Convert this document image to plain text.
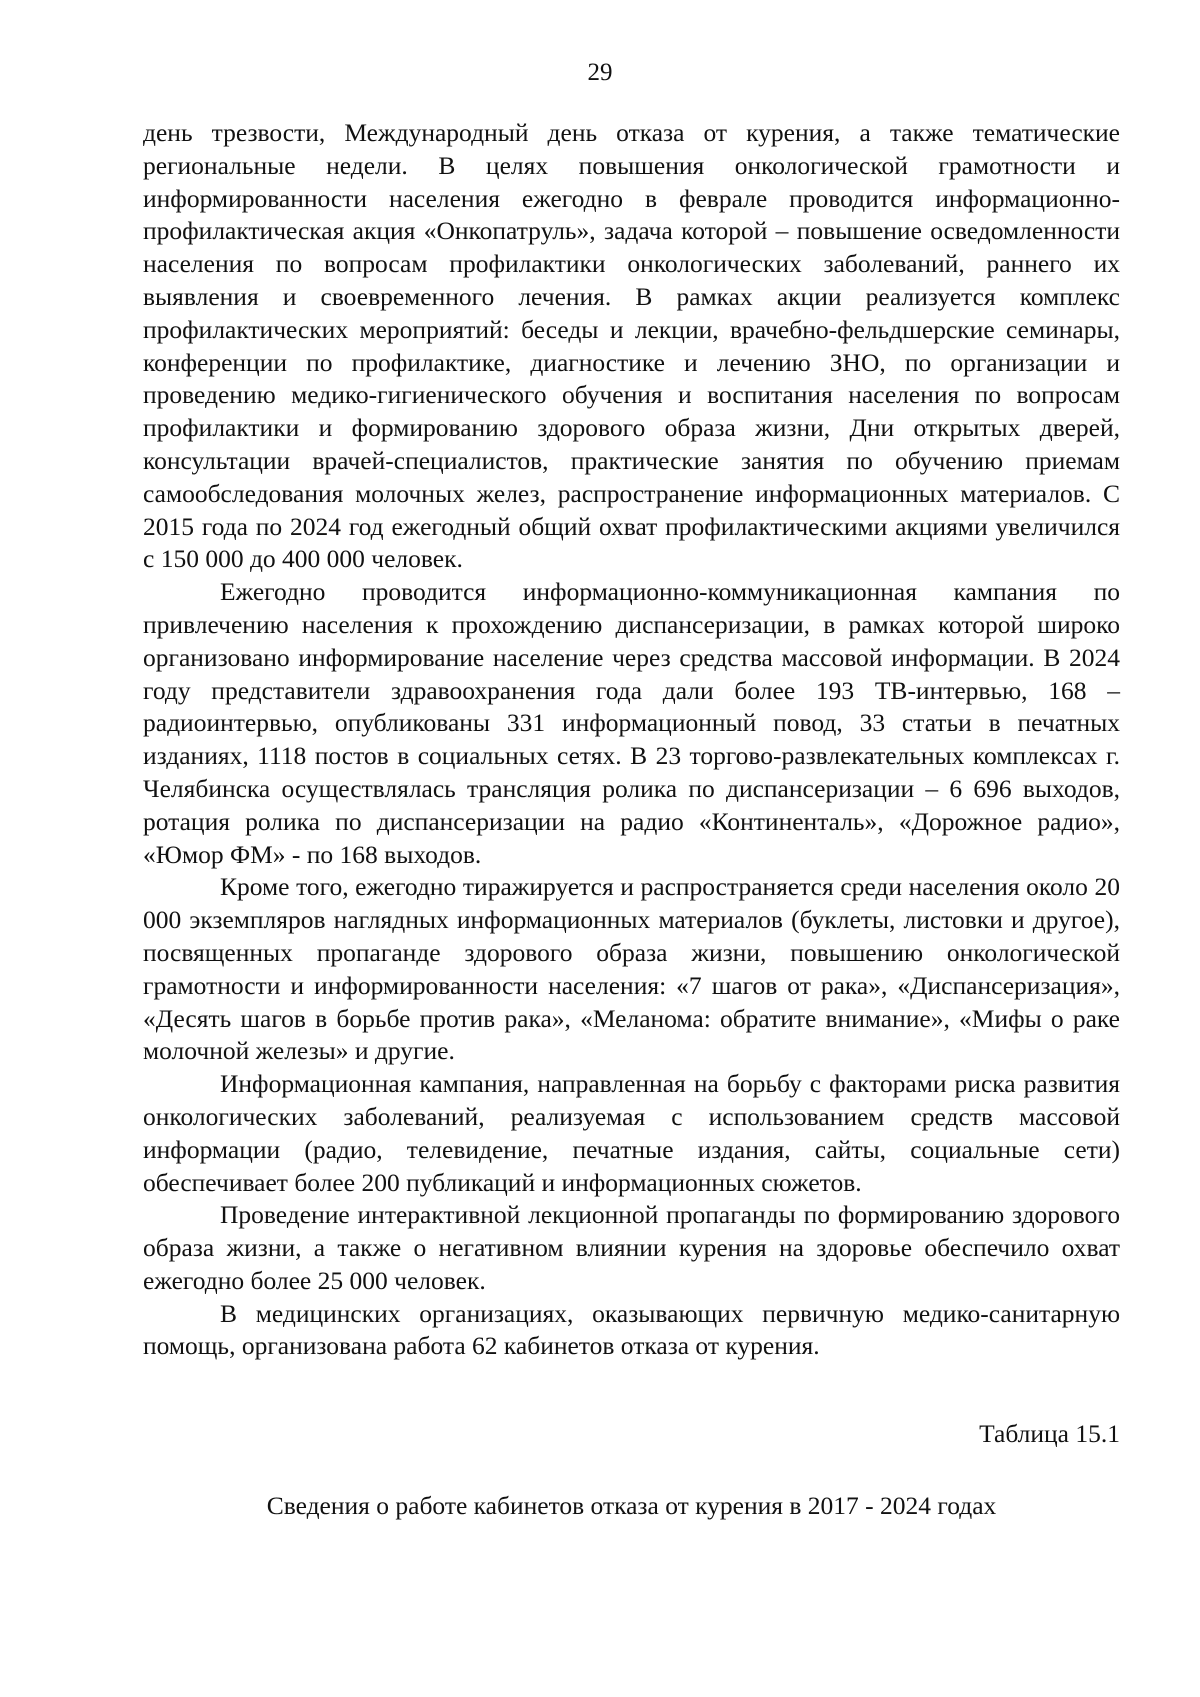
29

день трезвости, Международный день отказа от курения, а также тематические региональные недели. В целях повышения онкологической грамотности и информированности населения ежегодно в феврале проводится информационно-профилактическая акция «Онкопатруль», задача которой – повышение осведомленности населения по вопросам профилактики онкологических заболеваний, раннего их выявления и своевременного лечения. В рамках акции реализуется комплекс профилактических мероприятий: беседы и лекции, врачебно-фельдшерские семинары, конференции по профилактике, диагностике и лечению ЗНО, по организации и проведению медико-гигиенического обучения и воспитания населения по вопросам профилактики и формированию здорового образа жизни, Дни открытых дверей, консультации врачей-специалистов, практические занятия по обучению приемам самообследования молочных желез, распространение информационных материалов. С 2015 года по 2024 год ежегодный общий охват профилактическими акциями увеличился с 150 000 до 400 000 человек.

Ежегодно проводится информационно-коммуникационная кампания по привлечению населения к прохождению диспансеризации, в рамках которой широко организовано информирование население через средства массовой информации. В 2024 году представители здравоохранения года дали более 193 ТВ-интервью, 168 – радиоинтервью, опубликованы 331 информационный повод, 33 статьи в печатных изданиях, 1118 постов в социальных сетях. В 23 торгово-развлекательных комплексах г. Челябинска осуществлялась трансляция ролика по диспансеризации – 6 696 выходов, ротация ролика по диспансеризации на радио «Континенталь», «Дорожное радио», «Юмор ФМ» - по 168 выходов.

Кроме того, ежегодно тиражируется и распространяется среди населения около 20 000 экземпляров наглядных информационных материалов (буклеты, листовки и другое), посвященных пропаганде здорового образа жизни, повышению онкологической грамотности и информированности населения: «7 шагов от рака», «Диспансеризация», «Десять шагов в борьбе против рака», «Меланома: обратите внимание», «Мифы о раке молочной железы» и другие.

Информационная кампания, направленная на борьбу с факторами риска развития онкологических заболеваний, реализуемая с использованием средств массовой информации (радио, телевидение, печатные издания, сайты, социальные сети) обеспечивает более 200 публикаций и информационных сюжетов.

Проведение интерактивной лекционной пропаганды по формированию здорового образа жизни, а также о негативном влиянии курения на здоровье обеспечило охват ежегодно более 25 000 человек.

В медицинских организациях, оказывающих первичную медико-санитарную помощь, организована работа 62 кабинетов отказа от курения.

Таблица 15.1
Сведения о работе кабинетов отказа от курения в 2017 - 2024 годах
